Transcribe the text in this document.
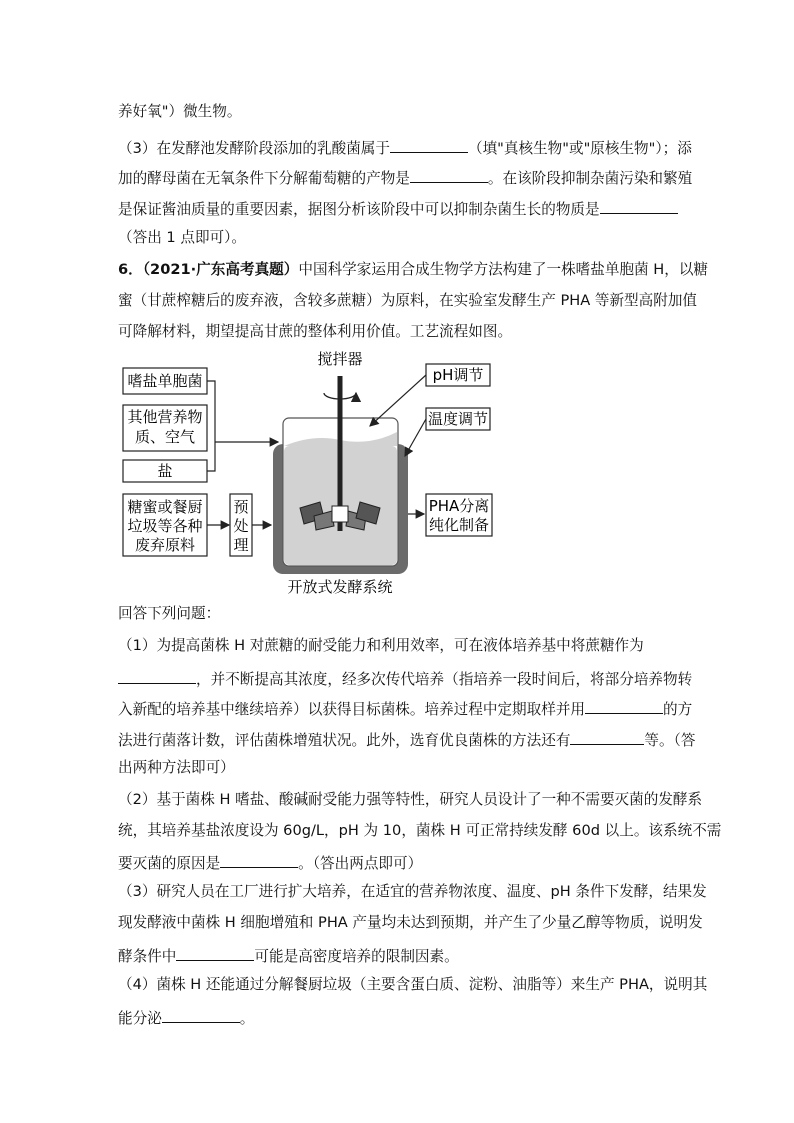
养好氧"）微生物。
（3）在发酵池发酵阶段添加的乳酸菌属于	（填"真核生物"或"原核生物"）；添
加的酵母菌在无氧条件下分解葡萄糖的产物是	。在该阶段抑制杂菌污染和繁殖
是保证酱油质量的重要因素，据图分析该阶段中可以抑制杂菌生长的物质是
（答出 1 点即可）。
6．（2021·广东高考真题）中国科学家运用合成生物学方法构建了一株嗜盐单胞菌 H，以糖
蜜（甘蔗榨糖后的废弃液，含较多蔗糖）为原料，在实验室发酵生产 PHA 等新型高附加值
可降解材料，期望提高甘蔗的整体利用价值。工艺流程如图。
嗜盐单胞菌
其他营养物
质、空气
盐
糖蜜或餐厨
垃圾等各种
废弃原料
预
处
理
搅拌器
pH调节
温度调节
PHA分离
纯化制备
开放式发酵系统
回答下列问题：
（1）为提高菌株 H 对蔗糖的耐受能力和利用效率，可在液体培养基中将蔗糖作为
，并不断提高其浓度，经多次传代培养（指培养一段时间后，将部分培养物转
入新配的培养基中继续培养）以获得目标菌株。培养过程中定期取样并用	的方
法进行菌落计数，评估菌株增殖状况。此外，选育优良菌株的方法还有	等。（答
出两种方法即可）
（2）基于菌株 H 嗜盐、酸碱耐受能力强等特性，研究人员设计了一种不需要灭菌的发酵系
统，其培养基盐浓度设为 60g/L，pH 为 10，菌株 H 可正常持续发酵 60d 以上。该系统不需
要灭菌的原因是	。（答出两点即可）
（3）研究人员在工厂进行扩大培养，在适宜的营养物浓度、温度、pH 条件下发酵，结果发
现发酵液中菌株 H 细胞增殖和 PHA 产量均未达到预期，并产生了少量乙醇等物质，说明发
酵条件中	可能是高密度培养的限制因素。
（4）菌株 H 还能通过分解餐厨垃圾（主要含蛋白质、淀粉、油脂等）来生产 PHA，说明其
能分泌	。
